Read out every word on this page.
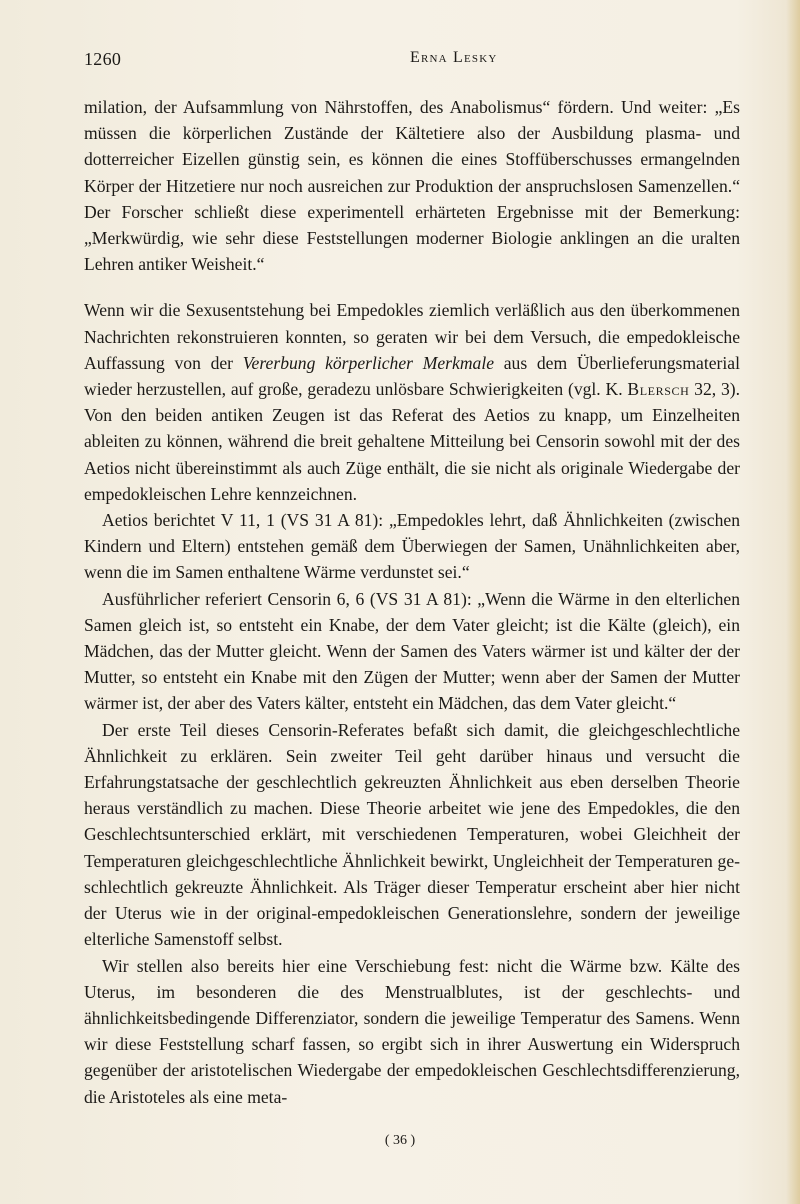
1260	Erna Lesky

milation, der Aufsammlung von Nährstoffen, des Anabolismus“ fördern. Und weiter: „Es müssen die körperlichen Zustände der Kältetiere also der Ausbildung plasma- und dotterreicher Eizellen günstig sein, es können die eines Stoffüberschusses ermangelnden Körper der Hitzetiere nur noch ausreichen zur Produktion der anspruchslosen Samenzellen.“ Der Forscher schließt diese experimentell erhärteten Ergebnisse mit der Bemerkung: „Merkwürdig, wie sehr diese Feststellungen moderner Biologie anklingen an die uralten Lehren antiker Weisheit.“

Wenn wir die Sexusentstehung bei Empedokles ziemlich verläßlich aus den überkommenen Nachrichten rekonstruieren konnten, so geraten wir bei dem Versuch, die empedokleische Auffassung von der Vererbung körperlicher Merkmale aus dem Überlieferungsmaterial wieder herzustellen, auf große, geradezu unlösbare Schwierigkeiten (vgl. K. Blersch 32, 3). Von den beiden antiken Zeugen ist das Referat des Aetios zu knapp, um Einzelheiten ableiten zu können, während die breit gehaltene Mitteilung bei Censorin sowohl mit der des Aetios nicht übereinstimmt als auch Züge enthält, die sie nicht als originale Wiedergabe der empedokleischen Lehre kennzeichnen.

Aetios berichtet V 11, 1 (VS 31 A 81): „Empedokles lehrt, daß Ähnlichkeiten (zwischen Kindern und Eltern) entstehen gemäß dem Überwiegen der Samen, Unähnlichkeiten aber, wenn die im Samen enthaltene Wärme verdunstet sei.“

Ausführlicher referiert Censorin 6, 6 (VS 31 A 81): „Wenn die Wärme in den elterlichen Samen gleich ist, so entsteht ein Knabe, der dem Vater gleicht; ist die Kälte (gleich), ein Mädchen, das der Mutter gleicht. Wenn der Samen des Vaters wärmer ist und kälter der der Mutter, so entsteht ein Knabe mit den Zügen der Mutter; wenn aber der Samen der Mutter wärmer ist, der aber des Vaters kälter, entsteht ein Mädchen, das dem Vater gleicht.“

Der erste Teil dieses Censorin-Referates befaßt sich damit, die gleichgeschlechtliche Ähnlichkeit zu erklären. Sein zweiter Teil geht darüber hinaus und versucht die Erfahrungstatsache der geschlechtlich gekreuzten Ähnlichkeit aus eben derselben Theorie heraus verständlich zu machen. Diese Theorie arbeitet wie jene des Empedokles, die den Geschlechtsunterschied erklärt, mit verschiedenen Temperaturen, wobei Gleichheit der Temperaturen gleichgeschlechtliche Ähnlichkeit bewirkt, Ungleichheit der Temperaturen geschlechtlich gekreuzte Ähnlichkeit. Als Träger dieser Temperatur erscheint aber hier nicht der Uterus wie in der original-empedokleischen Generationslehre, sondern der jeweilige elterliche Samenstoff selbst.

Wir stellen also bereits hier eine Verschiebung fest: nicht die Wärme bzw. Kälte des Uterus, im besonderen die des Menstrualblutes, ist der geschlechts- und ähnlichkeitsbedingende Differenziator, sondern die jeweilige Temperatur des Samens. Wenn wir diese Feststellung scharf fassen, so ergibt sich in ihrer Auswertung ein Widerspruch gegenüber der aristotelischen Wiedergabe der empedokleischen Geschlechtsdifferenzierung, die Aristoteles als eine meta-

( 36 )
